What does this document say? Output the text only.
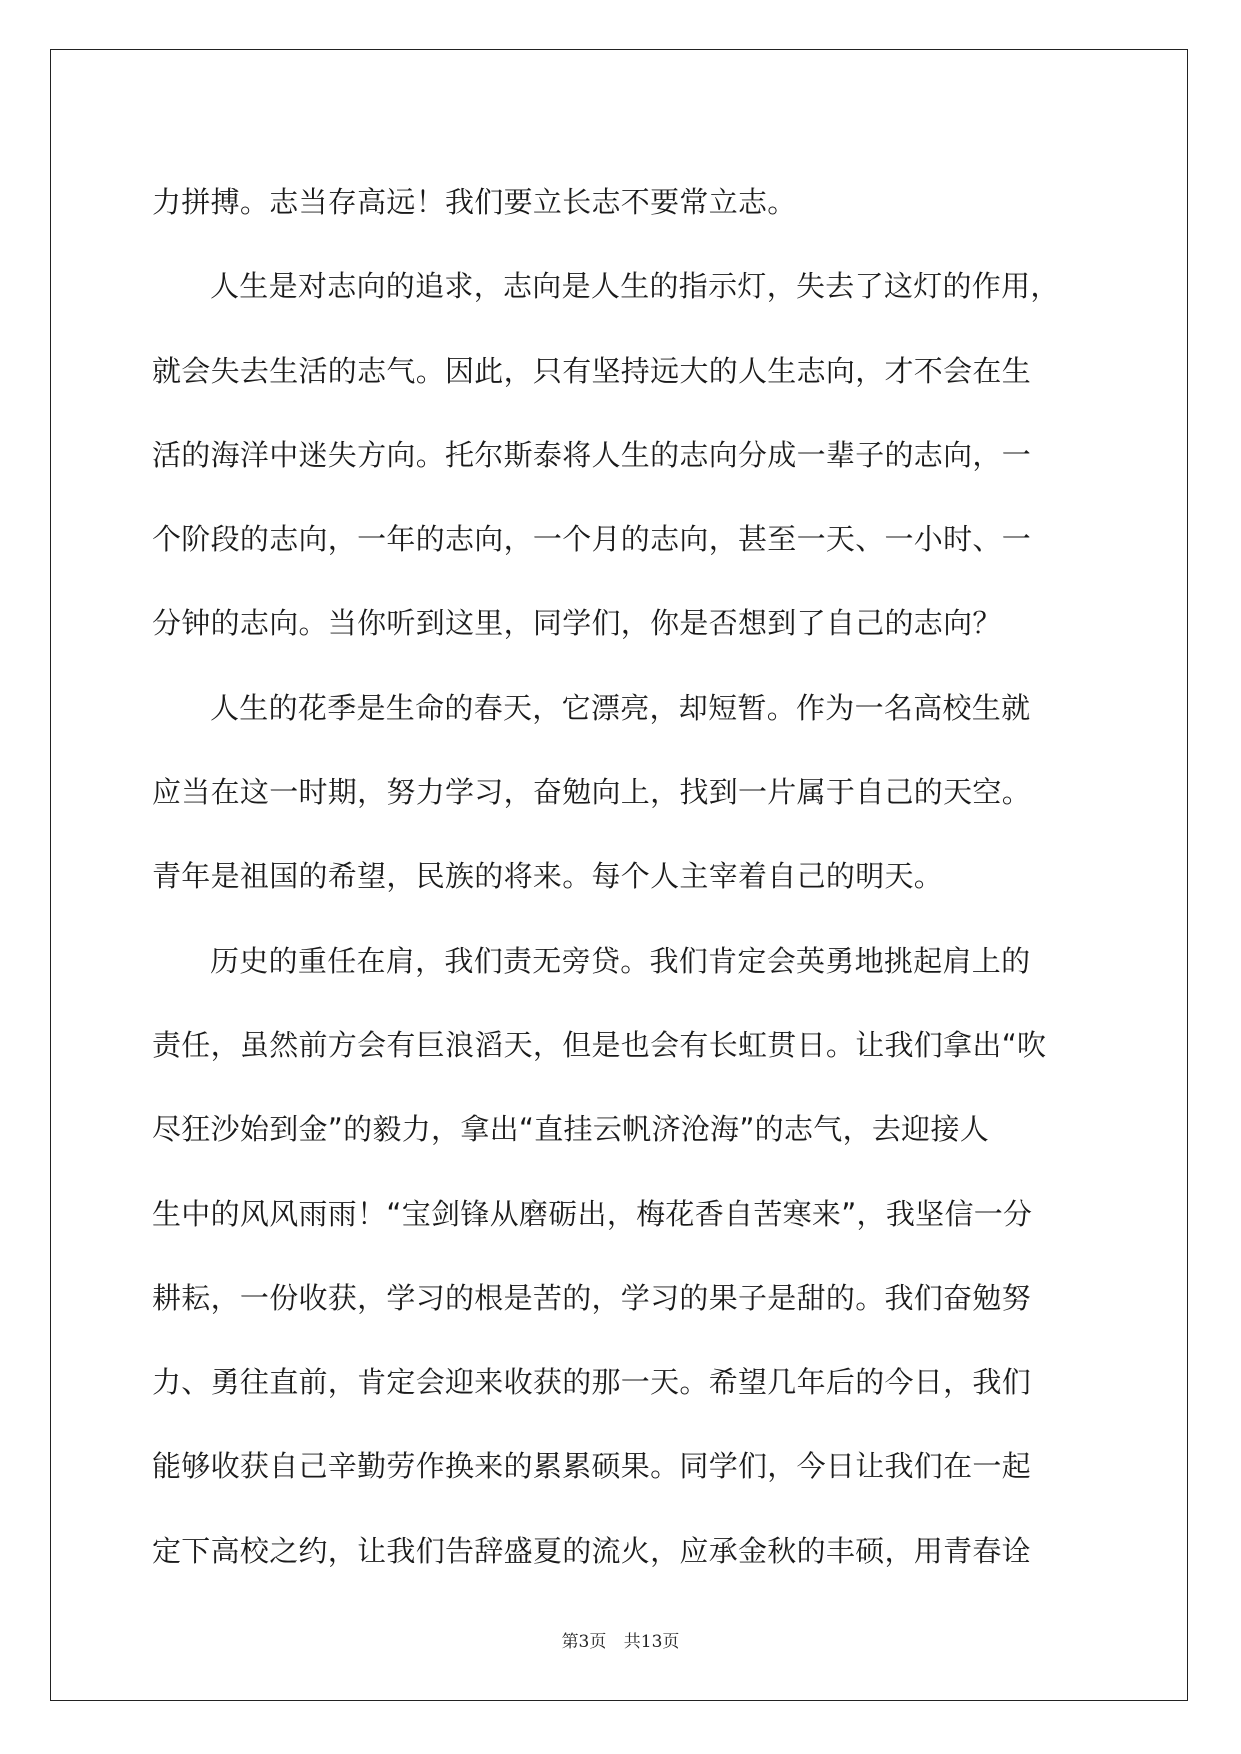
力拼搏。志当存高远！我们要立长志不要常立志。
人生是对志向的追求，志向是人生的指示灯，失去了这灯的作用，
就会失去生活的志气。因此，只有坚持远大的人生志向，才不会在生
活的海洋中迷失方向。托尔斯泰将人生的志向分成一辈子的志向，一
个阶段的志向，一年的志向，一个月的志向，甚至一天、一小时、一
分钟的志向。当你听到这里，同学们，你是否想到了自己的志向？
人生的花季是生命的春天，它漂亮，却短暂。作为一名高校生就
应当在这一时期，努力学习，奋勉向上，找到一片属于自己的天空。
青年是祖国的希望，民族的将来。每个人主宰着自己的明天。
历史的重任在肩，我们责无旁贷。我们肯定会英勇地挑起肩上的
责任，虽然前方会有巨浪滔天，但是也会有长虹贯日。让我们拿出“吹
尽狂沙始到金”的毅力，拿出“直挂云帆济沧海”的志气，去迎接人
生中的风风雨雨！“宝剑锋从磨砺出，梅花香自苦寒来”，我坚信一分
耕耘，一份收获，学习的根是苦的，学习的果子是甜的。我们奋勉努
力、勇往直前，肯定会迎来收获的那一天。希望几年后的今日，我们
能够收获自己辛勤劳作换来的累累硕果。同学们，今日让我们在一起
定下高校之约，让我们告辞盛夏的流火，应承金秋的丰硕，用青春诠
第3页 共13页
